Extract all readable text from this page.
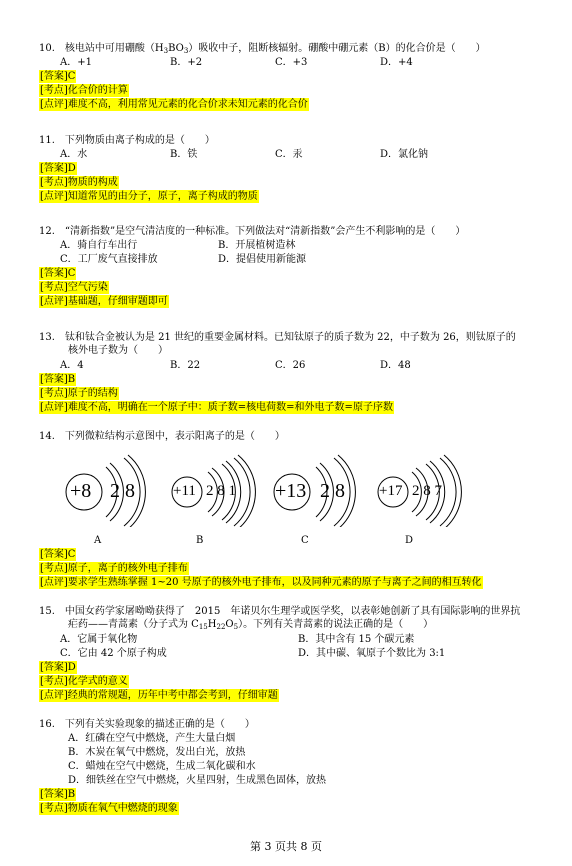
10.　核电站中可用硼酸$(H_3BO_3)$吸收中子，阻断核辐射。硼酸中硼元素（B）的化合价是（　　）
A．+1	B．+2	C．+3	D．+4
[答案]C
[考点]化合价的计算
[点评]难度不高，利用常见元素的化合价求未知元素的化合价
11.　下列物质由离子构成的是（　　）
A．水	B．铁	C．汞	D．氯化钠
[答案]D
[考点]物质的构成
[点评]知道常见的由分子，原子，离子构成的物质
12.　“清新指数”是空气清洁度的一种标准。下列做法对“清新指数”会产生不利影响的是（　　）
A．骑自行车出行	B．开展植树造林
C．工厂废气直接排放	D．提倡使用新能源
[答案]C
[考点]空气污染
[点评]基础题，仔细审题即可
13.　钛和钛合金被认为是 21 世纪的重要金属材料。已知钛原子的质子数为 22，中子数为 26，则钛原子的
核外电子数为（　　）
A．4	B．22	C．26	D．48
[答案]B
[考点]原子的结构
[点评]难度不高，明确在一个原子中：质子数=核电荷数=和外电子数=原子序数
14.　下列微粒结构示意图中，表示阳离子的是（　　）
+8 2 8
A
+11 2 8 1
B
+13 2 8
C
+17 2 8 7
D
[答案]C
[考点]原子，离子的核外电子排布
[点评]要求学生熟练掌握 1~20 号原子的核外电子排布，以及同种元素的原子与离子之间的相互转化
15.　中国女药学家屠呦呦获得了　2015　年诺贝尔生理学或医学奖，以表彰她创新了具有国际影响的世界抗
疟药——青蒿素（分子式为 $C_{15}H_{22}O_5$）。下列有关青蒿素的说法正确的是（　　）
A．它属于氧化物	B．其中含有 15 个碳元素
C．它由 42 个原子构成	D．其中碳、氧原子个数比为 3:1
[答案]D
[考点]化学式的意义
[点评]经典的常规题，历年中考中都会考到，仔细审题
16.　下列有关实验现象的描述正确的是（　　）
A．红磷在空气中燃烧，产生大量白烟
B．木炭在氧气中燃烧，发出白光，放热
C．蜡烛在空气中燃烧，生成二氧化碳和水
D．细铁丝在空气中燃烧，火星四射，生成黑色固体，放热
[答案]B
[考点]物质在氧气中燃烧的现象
第 3 页共 8 页
